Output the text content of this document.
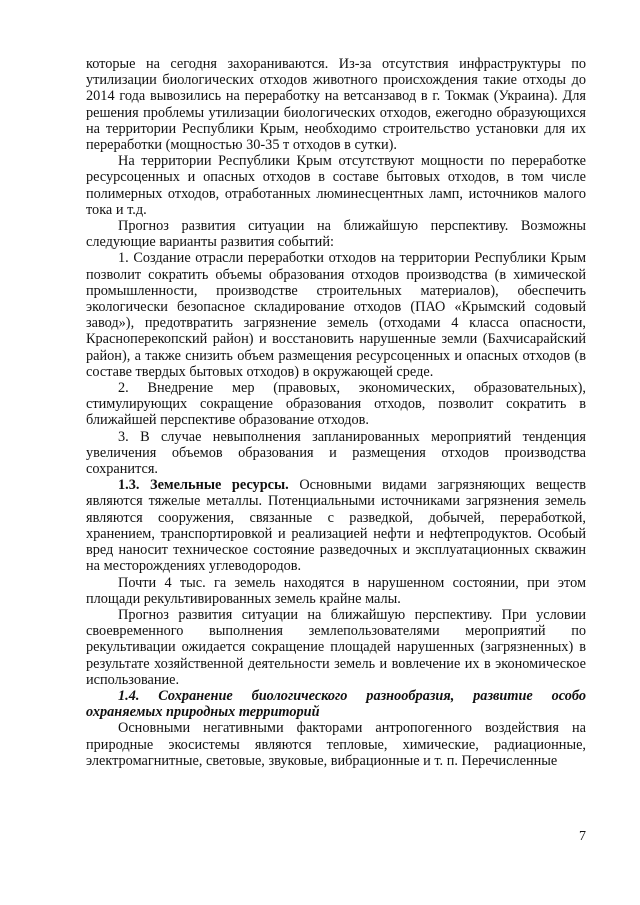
которые на сегодня захораниваются. Из-за отсутствия инфраструктуры по утилизации биологических отходов животного происхождения такие отходы до 2014 года вывозились на переработку на ветсанзавод в г. Токмак (Украина). Для решения проблемы утилизации биологических отходов, ежегодно образующихся на территории Республики Крым, необходимо строительство установки для их переработки (мощностью 30-35 т отходов в сутки).

На территории Республики Крым отсутствуют мощности по переработке ресурсоценных и опасных отходов в составе бытовых отходов, в том числе полимерных отходов, отработанных люминесцентных ламп, источников малого тока и т.д.

Прогноз развития ситуации на ближайшую перспективу. Возможны следующие варианты развития событий:

1. Создание отрасли переработки отходов на территории Республики Крым позволит сократить объемы образования отходов производства (в химической промышленности, производстве строительных материалов), обеспечить экологически безопасное складирование отходов (ПАО «Крымский содовый завод»), предотвратить загрязнение земель (отходами 4 класса опасности, Красноперекопский район) и восстановить нарушенные земли (Бахчисарайский район), а также снизить объем размещения ресурсоценных и опасных отходов (в составе твердых бытовых отходов) в окружающей среде.

2. Внедрение мер (правовых, экономических, образовательных), стимулирующих сокращение образования отходов, позволит сократить в ближайшей перспективе образование отходов.

3. В случае невыполнения запланированных мероприятий тенденция увеличения объемов образования и размещения отходов производства сохранится.

1.3. Земельные ресурсы. Основными видами загрязняющих веществ являются тяжелые металлы. Потенциальными источниками загрязнения земель являются сооружения, связанные с разведкой, добычей, переработкой, хранением, транспортировкой и реализацией нефти и нефтепродуктов. Особый вред наносит техническое состояние разведочных и эксплуатационных скважин на месторождениях углеводородов.

Почти 4 тыс. га земель находятся в нарушенном состоянии, при этом площади рекультивированных земель крайне малы.

Прогноз развития ситуации на ближайшую перспективу. При условии своевременного выполнения землепользователями мероприятий по рекультивации ожидается сокращение площадей нарушенных (загрязненных) в результате хозяйственной деятельности земель и вовлечение их в экономическое использование.

1.4. Сохранение биологического разнообразия, развитие особо охраняемых природных территорий

Основными негативными факторами антропогенного воздействия на природные экосистемы являются тепловые, химические, радиационные, электромагнитные, световые, звуковые, вибрационные и т. п. Перечисленные

7
